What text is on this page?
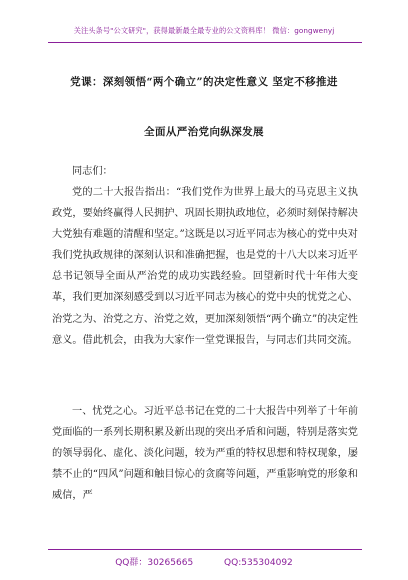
关注头条号"公文研究"，获得最新最全最专业的公文资料库！ 微信：gongwenyj
党课：深刻领悟“两个确立”的决定性意义 坚定不移推进
全面从严治党向纵深发展

同志们：

党的二十大报告指出：“我们党作为世界上最大的马克思主义执政党，要始终赢得人民拥护、巩固长期执政地位，必须时刻保持解决大党独有难题的清醒和坚定。”这既是以习近平同志为核心的党中央对我们党执政规律的深刻认识和准确把握，也是党的十八大以来习近平总书记领导全面从严治党的成功实践经验。回望新时代十年伟大变革，我们更加深刻感受到以习近平同志为核心的党中央的忧党之心、治党之为、治党之方、治党之效，更加深刻领悟“两个确立”的决定性意义。借此机会，由我为大家作一堂党课报告，与同志们共同交流。

一、忧党之心。习近平总书记在党的二十大报告中列举了十年前党面临的一系列长期积累及新出现的突出矛盾和问题，特别是落实党的领导弱化、虚化、淡化问题，较为严重的特权思想和特权现象，屡禁不止的“四风”问题和触目惊心的贪腐等问题，严重影响党的形象和威信，严

QQ群：30265665	QQ:535304092
